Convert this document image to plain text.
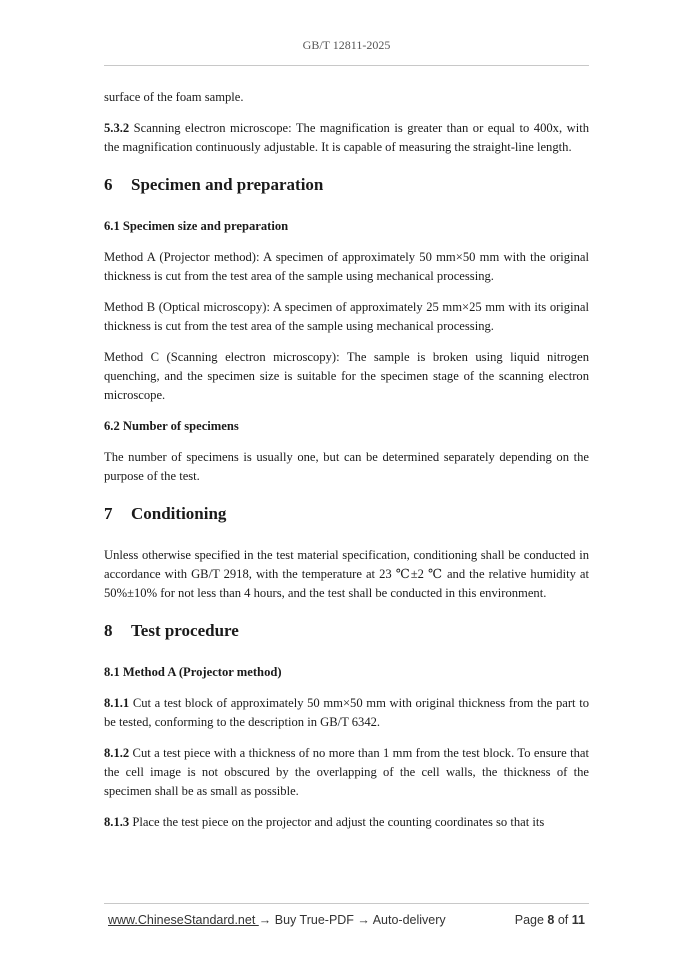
GB/T 12811-2025

surface of the foam sample.

5.3.2 Scanning electron microscope: The magnification is greater than or equal to 400x, with the magnification continuously adjustable. It is capable of measuring the straight-line length.

6 Specimen and preparation
6.1 Specimen size and preparation

Method A (Projector method): A specimen of approximately 50 mm×50 mm with the original thickness is cut from the test area of the sample using mechanical processing.

Method B (Optical microscopy): A specimen of approximately 25 mm×25 mm with its original thickness is cut from the test area of the sample using mechanical processing.

Method C (Scanning electron microscopy): The sample is broken using liquid nitrogen quenching, and the specimen size is suitable for the specimen stage of the scanning electron microscope.

6.2 Number of specimens

The number of specimens is usually one, but can be determined separately depending on the purpose of the test.

7 Conditioning

Unless otherwise specified in the test material specification, conditioning shall be conducted in accordance with GB/T 2918, with the temperature at 23 ℃±2 ℃ and the relative humidity at 50%±10% for not less than 4 hours, and the test shall be conducted in this environment.

8 Test procedure
8.1 Method A (Projector method)

8.1.1 Cut a test block of approximately 50 mm×50 mm with original thickness from the part to be tested, conforming to the description in GB/T 6342.

8.1.2 Cut a test piece with a thickness of no more than 1 mm from the test block. To ensure that the cell image is not obscured by the overlapping of the cell walls, the thickness of the specimen shall be as small as possible.

8.1.3 Place the test piece on the projector and adjust the counting coordinates so that its

www.ChineseStandard.net → Buy True-PDF → Auto-delivery	Page 8 of 11
